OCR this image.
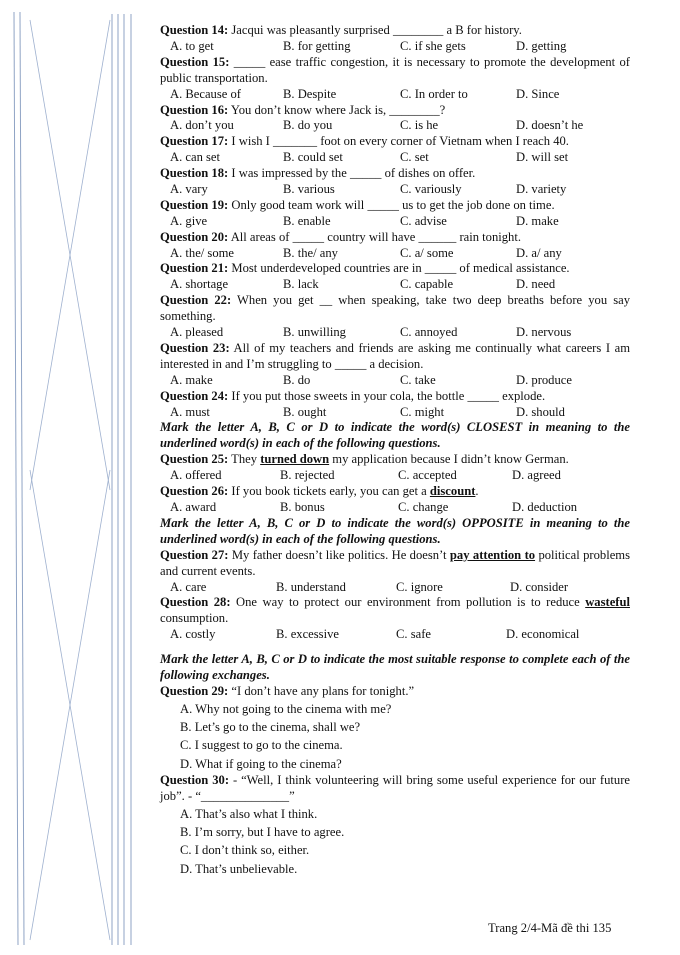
Question 14: Jacqui was pleasantly surprised ________ a B for history.
A. to get	B. for getting	C. if she gets	D. getting
Question 15: _____ ease traffic congestion, it is necessary to promote the development of public transportation.
A. Because of	B. Despite	C. In order to	D. Since
Question 16: You don’t know where Jack is, ________?
A. don’t you	B. do you	C. is he	D. doesn’t he
Question 17: I wish I _______ foot on every corner of Vietnam when I reach 40.
A. can set	B. could set	C. set	D. will set
Question 18: I was impressed by the _____ of dishes on offer.
A. vary	B. various	C. variously	D. variety
Question 19: Only good team work will _____ us to get the job done on time.
A. give	B. enable	C. advise	D. make
Question 20: All areas of _____ country will have ______ rain tonight.
A. the/ some	B. the/ any	C. a/ some	D. a/ any
Question 21: Most underdeveloped countries are in _____ of medical assistance.
A. shortage	B. lack	C. capable	D. need
Question 22: When you get __ when speaking, take two deep breaths before you say something.
A. pleased	B. unwilling	C. annoyed	D. nervous
Question 23: All of my teachers and friends are asking me continually what careers I am interested in and I’m struggling to _____ a decision.
A. make	B. do	C. take	D. produce
Question 24: If you put those sweets in your cola, the bottle _____ explode.
A. must	B. ought	C. might	D. should
Mark the letter A, B, C or D to indicate the word(s) CLOSEST in meaning to the underlined word(s) in each of the following questions.
Question 25: They turned down my application because I didn’t know German.
A. offered	B. rejected	C. accepted	D. agreed
Question 26: If you book tickets early, you can get a discount.
A. award	B. bonus	C. change	D. deduction
Mark the letter A, B, C or D to indicate the word(s) OPPOSITE in meaning to the underlined word(s) in each of the following questions.
Question 27: My father doesn’t like politics. He doesn’t pay attention to political problems and current events.
A. care	B. understand	C. ignore	D. consider
Question 28: One way to protect our environment from pollution is to reduce wasteful consumption.
A. costly	B. excessive	C. safe	D. economical
Mark the letter A, B, C or D to indicate the most suitable response to complete each of the following exchanges.
Question 29: “I don’t have any plans for tonight.”
A. Why not going to the cinema with me?
B. Let’s go to the cinema, shall we?
C. I suggest to go to the cinema.
D. What if going to the cinema?
Question 30: - “Well, I think volunteering will bring some useful experience for our future job”. - “______________”
A. That’s also what I think.
B. I’m sorry, but I have to agree.
C. I don’t think so, either.
D. That’s unbelievable.
Trang 2/4-Mã đề thi 135
